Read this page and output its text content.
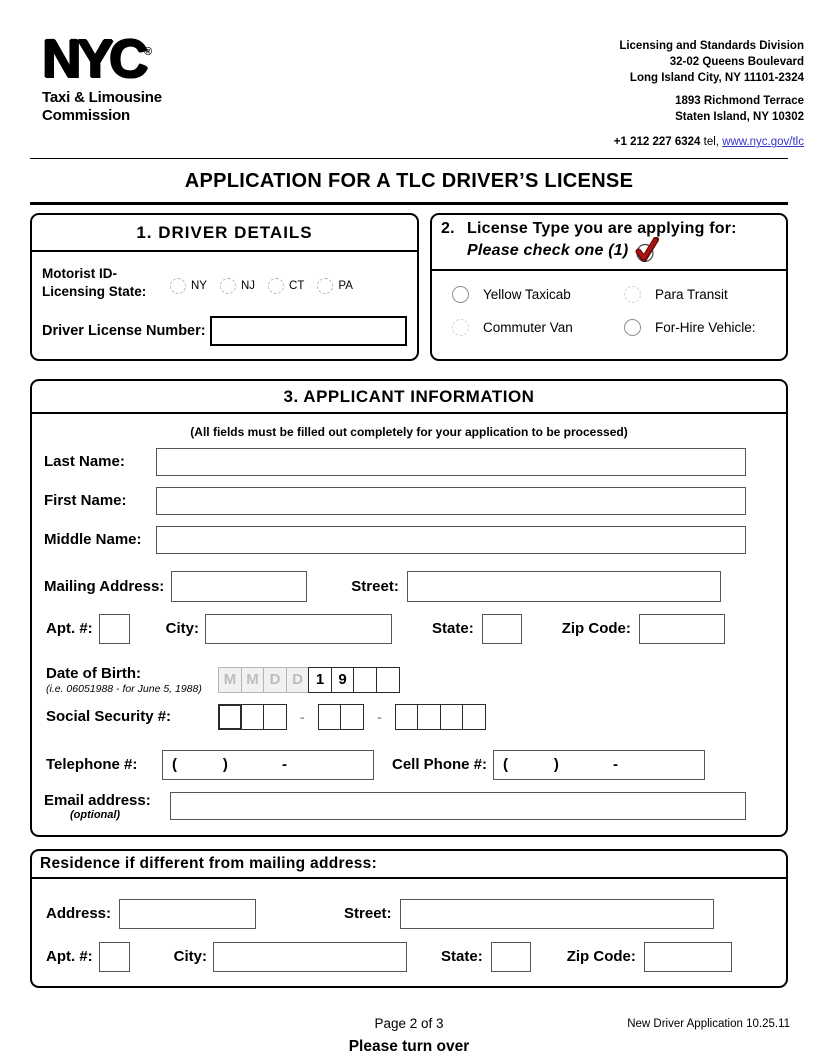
NYC®
Taxi & Limousine
Commission
Licensing and Standards Division
32-02 Queens Boulevard
Long Island City, NY 11101-2324
1893 Richmond Terrace
Staten Island, NY 10302
+1 212 227 6324 tel, www.nyc.gov/tlc
APPLICATION FOR A TLC DRIVER’S LICENSE
1. DRIVER DETAILS
Motorist ID-
Licensing State:	NY	NJ	CT	PA
Driver License Number:
2. License Type you are applying for:
Please check one (1)
Yellow Taxicab	Para Transit
Commuter Van	For-Hire Vehicle:
3. APPLICANT INFORMATION
(All fields must be filled out completely for your application to be processed)
Last Name:
First Name:
Middle Name:
Mailing Address:	Street:
Apt. #:	City:	State:	Zip Code:
Date of Birth:
(i.e. 06051988 - for June 5, 1988)
M M D D 1 9
Social Security #:	-	-
Telephone #:	(           )             -	Cell Phone #:	(           )             -
Email address:
(optional)
Residence if different from mailing address:
Address:	Street:
Apt. #:	City:	State:	Zip Code:
Page 2 of 3
Please turn over
New Driver Application 10.25.11
